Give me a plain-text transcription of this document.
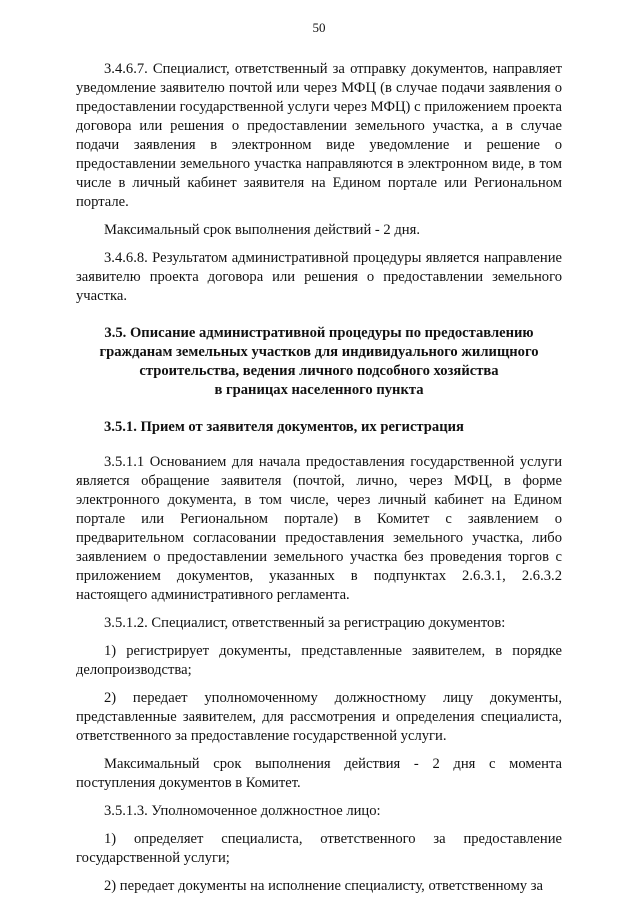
50

3.4.6.7. Специалист, ответственный за отправку документов, направляет уведомление заявителю почтой или через МФЦ (в случае подачи заявления о предоставлении государственной услуги через МФЦ) с приложением проекта договора или решения о предоставлении земельного участка, а в случае подачи заявления в электронном виде уведомление и решение о предоставлении земельного участка направляются в электронном виде, в том числе в личный кабинет заявителя на Едином портале или Региональном портале.

Максимальный срок выполнения действий - 2 дня.

3.4.6.8. Результатом административной процедуры является направление заявителю проекта договора или решения о предоставлении земельного участка.

3.5. Описание административной процедуры по предоставлению
гражданам земельных участков для индивидуального жилищного
строительства, ведения личного подсобного хозяйства
в границах населенного пункта
3.5.1. Прием от заявителя документов, их регистрация

3.5.1.1 Основанием для начала предоставления государственной услуги является обращение заявителя (почтой, лично, через МФЦ, в форме электронного документа, в том числе, через личный кабинет на Едином портале или Региональном портале) в Комитет с заявлением о предварительном согласовании предоставления земельного участка, либо заявлением о предоставлении земельного участка без проведения торгов с приложением документов, указанных в подпунктах 2.6.3.1, 2.6.3.2 настоящего административного регламента.

3.5.1.2. Специалист, ответственный за регистрацию документов:

1) регистрирует документы, представленные заявителем, в порядке делопроизводства;

2) передает уполномоченному должностному лицу документы, представленные заявителем, для рассмотрения и определения специалиста, ответственного за предоставление государственной услуги.

Максимальный срок выполнения действия - 2 дня с момента поступления документов в Комитет.

3.5.1.3. Уполномоченное должностное лицо:

1) определяет специалиста, ответственного за предоставление государственной услуги;

2) передает документы на исполнение специалисту, ответственному за
